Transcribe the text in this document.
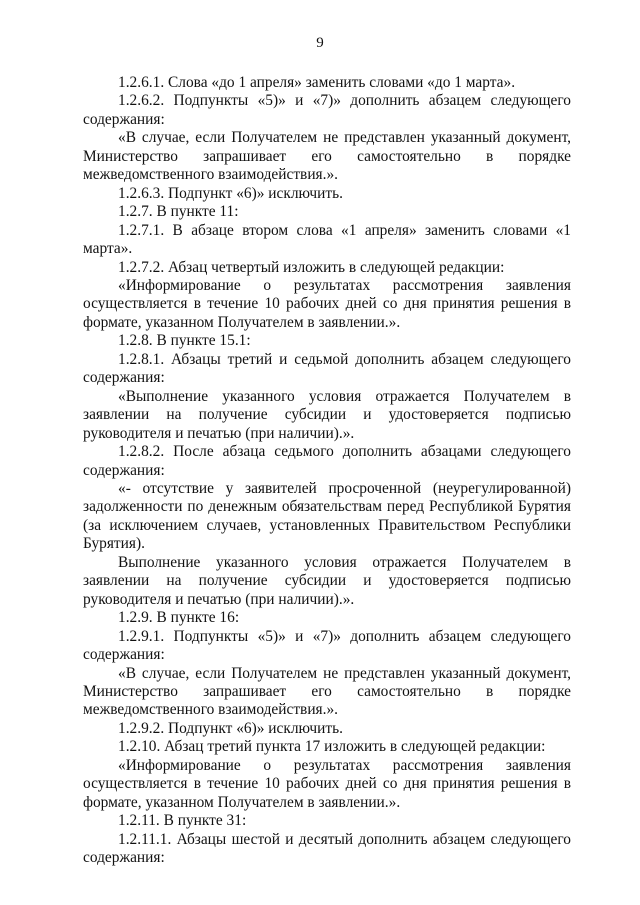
9

1.2.6.1. Слова «до 1 апреля» заменить словами «до 1 марта».

1.2.6.2. Подпункты «5)» и «7)» дополнить абзацем следующего содержания:

«В случае, если Получателем не представлен указанный документ, Министерство запрашивает его самостоятельно в порядке межведомственного взаимодействия.».

1.2.6.3. Подпункт «6)» исключить.

1.2.7. В пункте 11:

1.2.7.1. В абзаце втором слова «1 апреля» заменить словами «1 марта».

1.2.7.2. Абзац четвертый изложить в следующей редакции:

«Информирование о результатах рассмотрения заявления осуществляется в течение 10 рабочих дней со дня принятия решения в формате, указанном Получателем в заявлении.».

1.2.8. В пункте 15.1:

1.2.8.1. Абзацы третий и седьмой дополнить абзацем следующего содержания:

«Выполнение указанного условия отражается Получателем в заявлении на получение субсидии и удостоверяется подписью руководителя и печатью (при наличии).».

1.2.8.2. После абзаца седьмого дополнить абзацами следующего содержания:

«- отсутствие у заявителей просроченной (неурегулированной) задолженности по денежным обязательствам перед Республикой Бурятия (за исключением случаев, установленных Правительством Республики Бурятия).

Выполнение указанного условия отражается Получателем в заявлении на получение субсидии и удостоверяется подписью руководителя и печатью (при наличии).».

1.2.9. В пункте 16:

1.2.9.1. Подпункты «5)» и «7)» дополнить абзацем следующего содержания:

«В случае, если Получателем не представлен указанный документ, Министерство запрашивает его самостоятельно в порядке межведомственного взаимодействия.».

1.2.9.2. Подпункт «6)» исключить.

1.2.10. Абзац третий пункта 17 изложить в следующей редакции:

«Информирование о результатах рассмотрения заявления осуществляется в течение 10 рабочих дней со дня принятия решения в формате, указанном Получателем в заявлении.».

1.2.11. В пункте 31:

1.2.11.1. Абзацы шестой и десятый дополнить абзацем следующего содержания:
